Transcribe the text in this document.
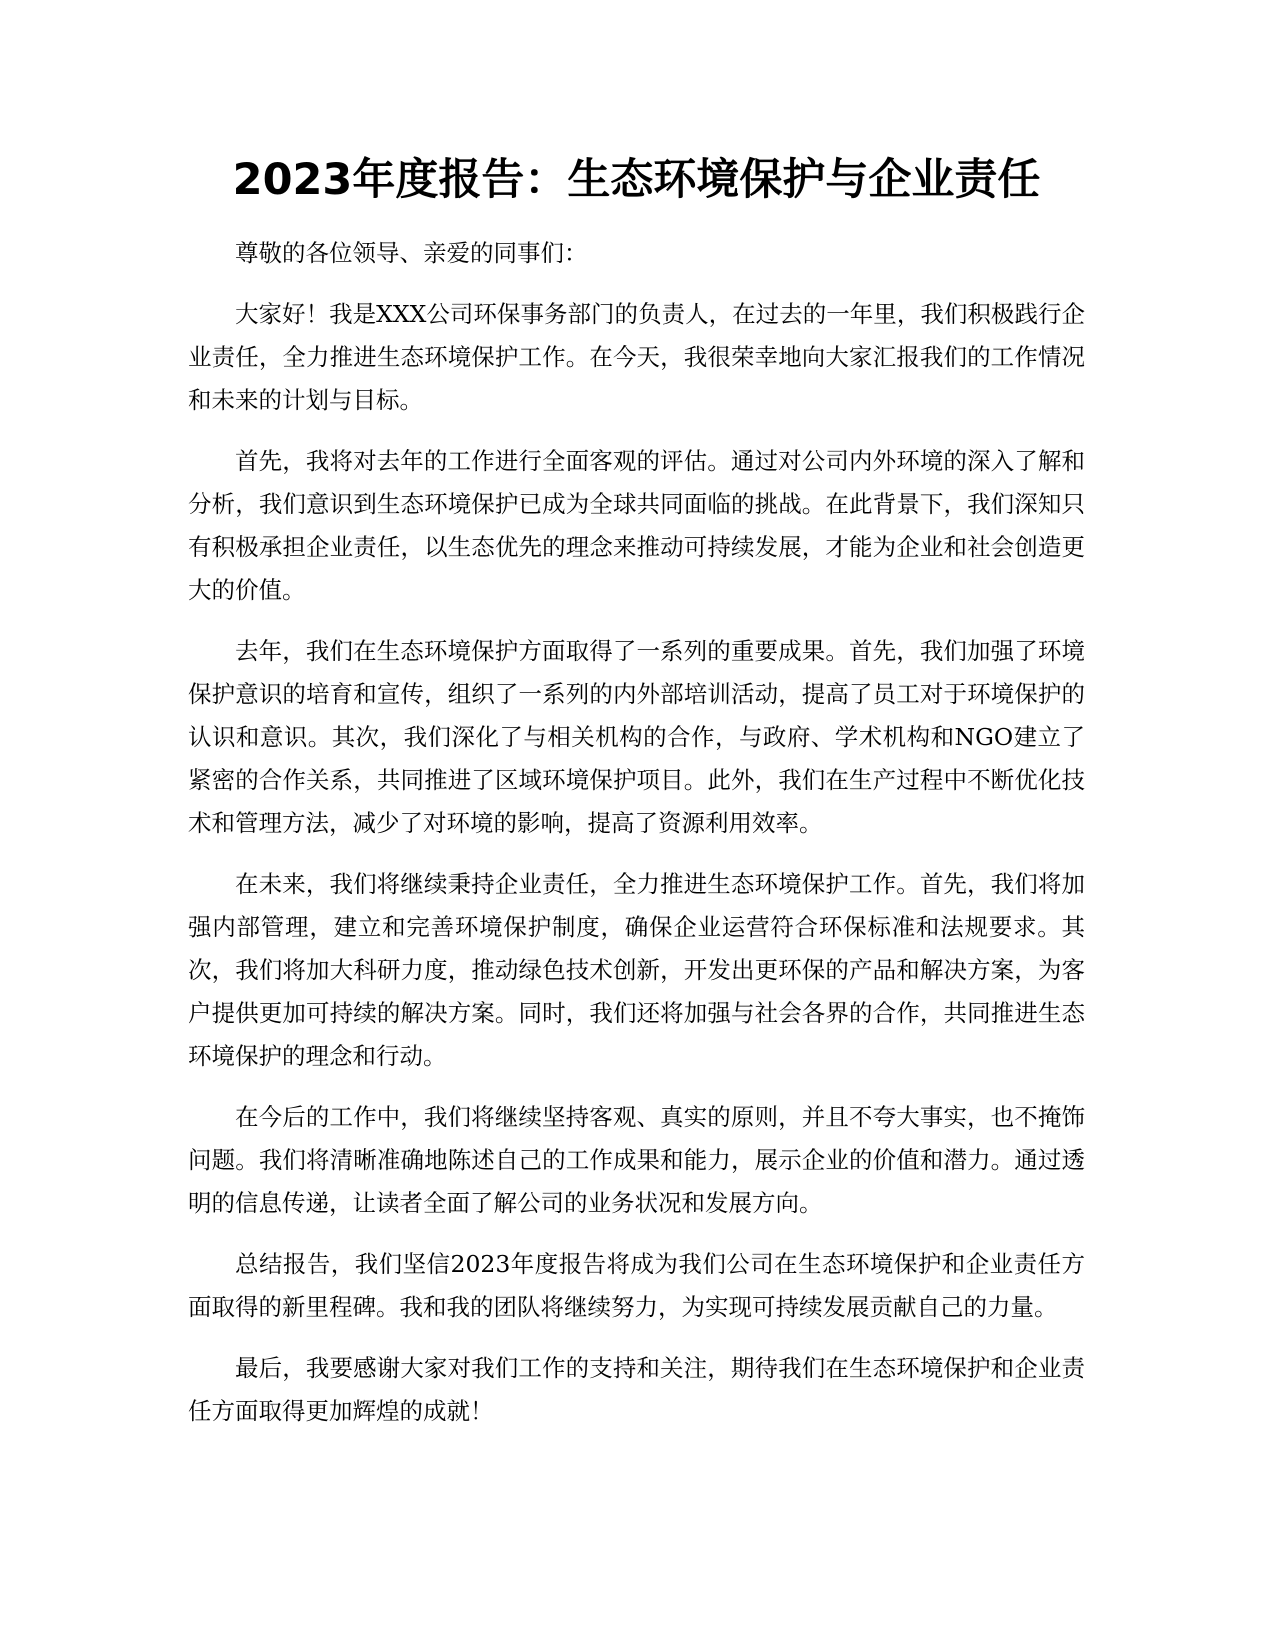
2023年度报告：生态环境保护与企业责任

尊敬的各位领导、亲爱的同事们：

大家好！我是XXX公司环保事务部门的负责人，在过去的一年里，我们积极践行企业责任，全力推进生态环境保护工作。在今天，我很荣幸地向大家汇报我们的工作情况和未来的计划与目标。

首先，我将对去年的工作进行全面客观的评估。通过对公司内外环境的深入了解和分析，我们意识到生态环境保护已成为全球共同面临的挑战。在此背景下，我们深知只有积极承担企业责任，以生态优先的理念来推动可持续发展，才能为企业和社会创造更大的价值。

去年，我们在生态环境保护方面取得了一系列的重要成果。首先，我们加强了环境保护意识的培育和宣传，组织了一系列的内外部培训活动，提高了员工对于环境保护的认识和意识。其次，我们深化了与相关机构的合作，与政府、学术机构和NGO建立了紧密的合作关系，共同推进了区域环境保护项目。此外，我们在生产过程中不断优化技术和管理方法，减少了对环境的影响，提高了资源利用效率。

在未来，我们将继续秉持企业责任，全力推进生态环境保护工作。首先，我们将加强内部管理，建立和完善环境保护制度，确保企业运营符合环保标准和法规要求。其次，我们将加大科研力度，推动绿色技术创新，开发出更环保的产品和解决方案，为客户提供更加可持续的解决方案。同时，我们还将加强与社会各界的合作，共同推进生态环境保护的理念和行动。

在今后的工作中，我们将继续坚持客观、真实的原则，并且不夸大事实，也不掩饰问题。我们将清晰准确地陈述自己的工作成果和能力，展示企业的价值和潜力。通过透明的信息传递，让读者全面了解公司的业务状况和发展方向。

总结报告，我们坚信2023年度报告将成为我们公司在生态环境保护和企业责任方面取得的新里程碑。我和我的团队将继续努力，为实现可持续发展贡献自己的力量。

最后，我要感谢大家对我们工作的支持和关注，期待我们在生态环境保护和企业责任方面取得更加辉煌的成就！
